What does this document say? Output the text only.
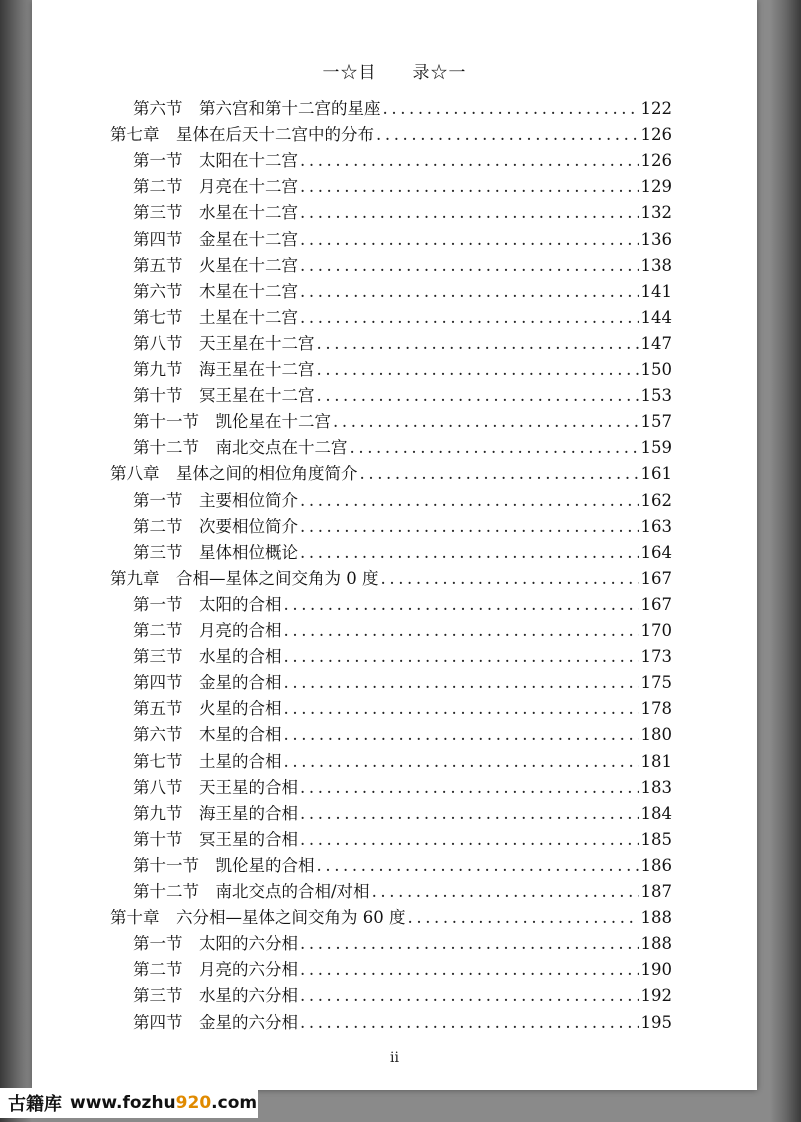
一☆目　　录☆一
第六节　第六宫和第十二宫的星座 .....	122
第七章　星体在后天十二宫中的分布 .....	126
第一节　太阳在十二宫 .....	126
第二节　月亮在十二宫 .....	129
第三节　水星在十二宫 .....	132
第四节　金星在十二宫 .....	136
第五节　火星在十二宫 .....	138
第六节　木星在十二宫 .....	141
第七节　土星在十二宫 .....	144
第八节　天王星在十二宫 .....	147
第九节　海王星在十二宫 .....	150
第十节　冥王星在十二宫 .....	153
第十一节　凯伦星在十二宫 .....	157
第十二节　南北交点在十二宫 .....	159
第八章　星体之间的相位角度简介 .....	161
第一节　主要相位简介 .....	162
第二节　次要相位简介 .....	163
第三节　星体相位概论 .....	164
第九章　合相—星体之间交角为 0 度 .....	167
第一节　太阳的合相 .....	167
第二节　月亮的合相 .....	170
第三节　水星的合相 .....	173
第四节　金星的合相 .....	175
第五节　火星的合相 .....	178
第六节　木星的合相 .....	180
第七节　土星的合相 .....	181
第八节　天王星的合相 .....	183
第九节　海王星的合相 .....	184
第十节　冥王星的合相 .....	185
第十一节　凯伦星的合相 .....	186
第十二节　南北交点的合相/对相 .....	187
第十章　六分相—星体之间交角为 60 度 .....	188
第一节　太阳的六分相 .....	188
第二节　月亮的六分相 .....	190
第三节　水星的六分相 .....	192
第四节　金星的六分相 .....	195
ii
古籍库 www.fozhu920.com
